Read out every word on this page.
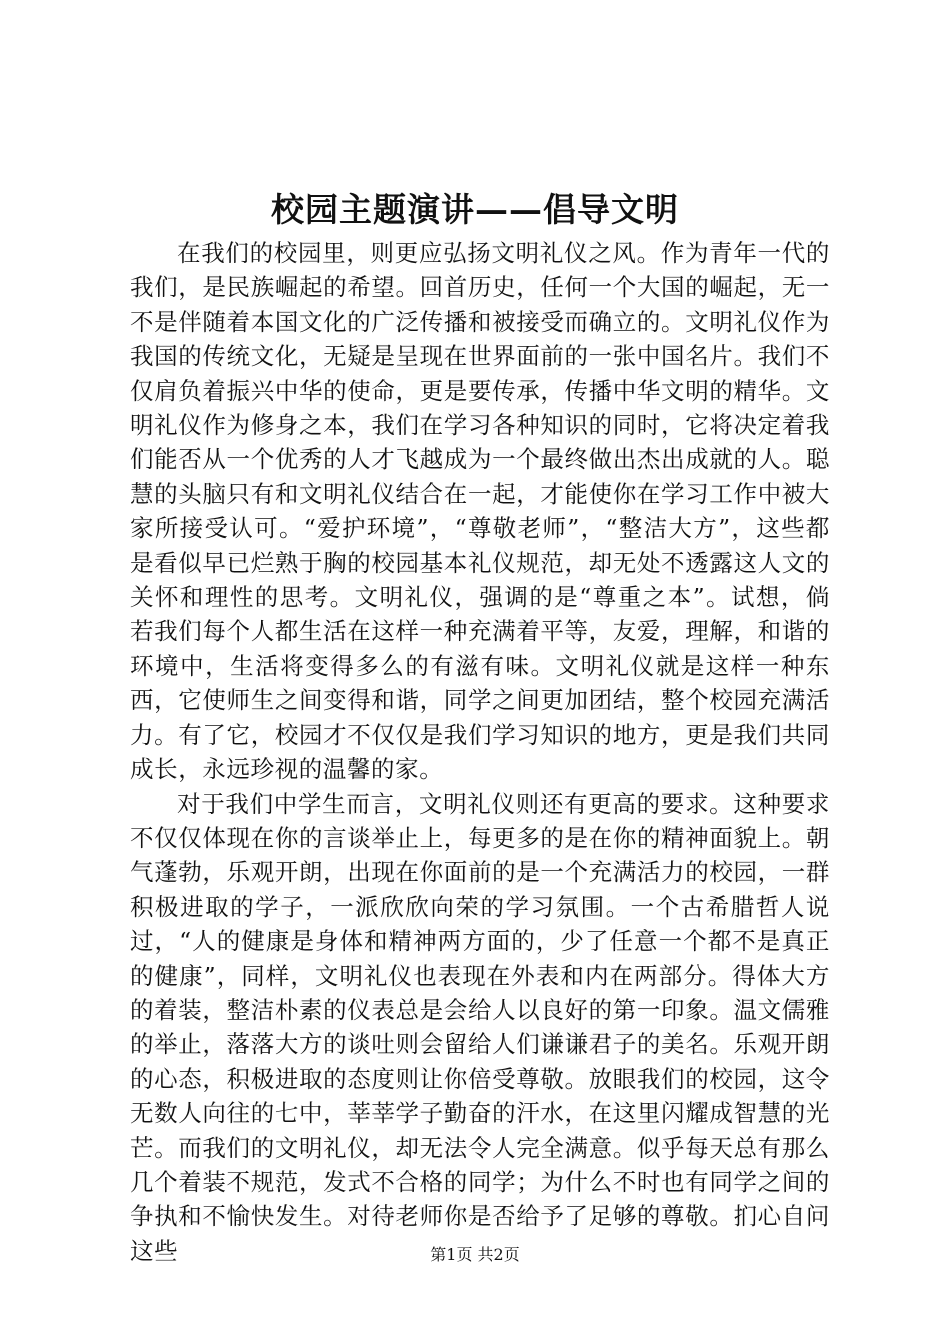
校园主题演讲——倡导文明

在我们的校园里，则更应弘扬文明礼仪之风。作为青年一代的我们，是民族崛起的希望。回首历史，任何一个大国的崛起，无一不是伴随着本国文化的广泛传播和被接受而确立的。文明礼仪作为我国的传统文化，无疑是呈现在世界面前的一张中国名片。我们不仅肩负着振兴中华的使命，更是要传承，传播中华文明的精华。文明礼仪作为修身之本，我们在学习各种知识的同时，它将决定着我们能否从一个优秀的人才飞越成为一个最终做出杰出成就的人。聪慧的头脑只有和文明礼仪结合在一起，才能使你在学习工作中被大家所接受认可。“爱护环境”，“尊敬老师”，“整洁大方”，这些都是看似早已烂熟于胸的校园基本礼仪规范，却无处不透露这人文的关怀和理性的思考。文明礼仪，强调的是“尊重之本”。试想，倘若我们每个人都生活在这样一种充满着平等，友爱，理解，和谐的环境中，生活将变得多么的有滋有味。文明礼仪就是这样一种东西，它使师生之间变得和谐，同学之间更加团结，整个校园充满活力。有了它，校园才不仅仅是我们学习知识的地方，更是我们共同成长，永远珍视的温馨的家。

对于我们中学生而言，文明礼仪则还有更高的要求。这种要求不仅仅体现在你的言谈举止上，每更多的是在你的精神面貌上。朝气蓬勃，乐观开朗，出现在你面前的是一个充满活力的校园，一群积极进取的学子，一派欣欣向荣的学习氛围。一个古希腊哲人说过，“人的健康是身体和精神两方面的，少了任意一个都不是真正的健康”，同样，文明礼仪也表现在外表和内在两部分。得体大方的着装，整洁朴素的仪表总是会给人以良好的第一印象。温文儒雅的举止，落落大方的谈吐则会留给人们谦谦君子的美名。乐观开朗的心态，积极进取的态度则让你倍受尊敬。放眼我们的校园，这令无数人向往的七中，莘莘学子勤奋的汗水，在这里闪耀成智慧的光芒。而我们的文明礼仪，却无法令人完全满意。似乎每天总有那么几个着装不规范，发式不合格的同学；为什么不时也有同学之间的争执和不愉快发生。对待老师你是否给予了足够的尊敬。扪心自问这些	第1页 共2页
